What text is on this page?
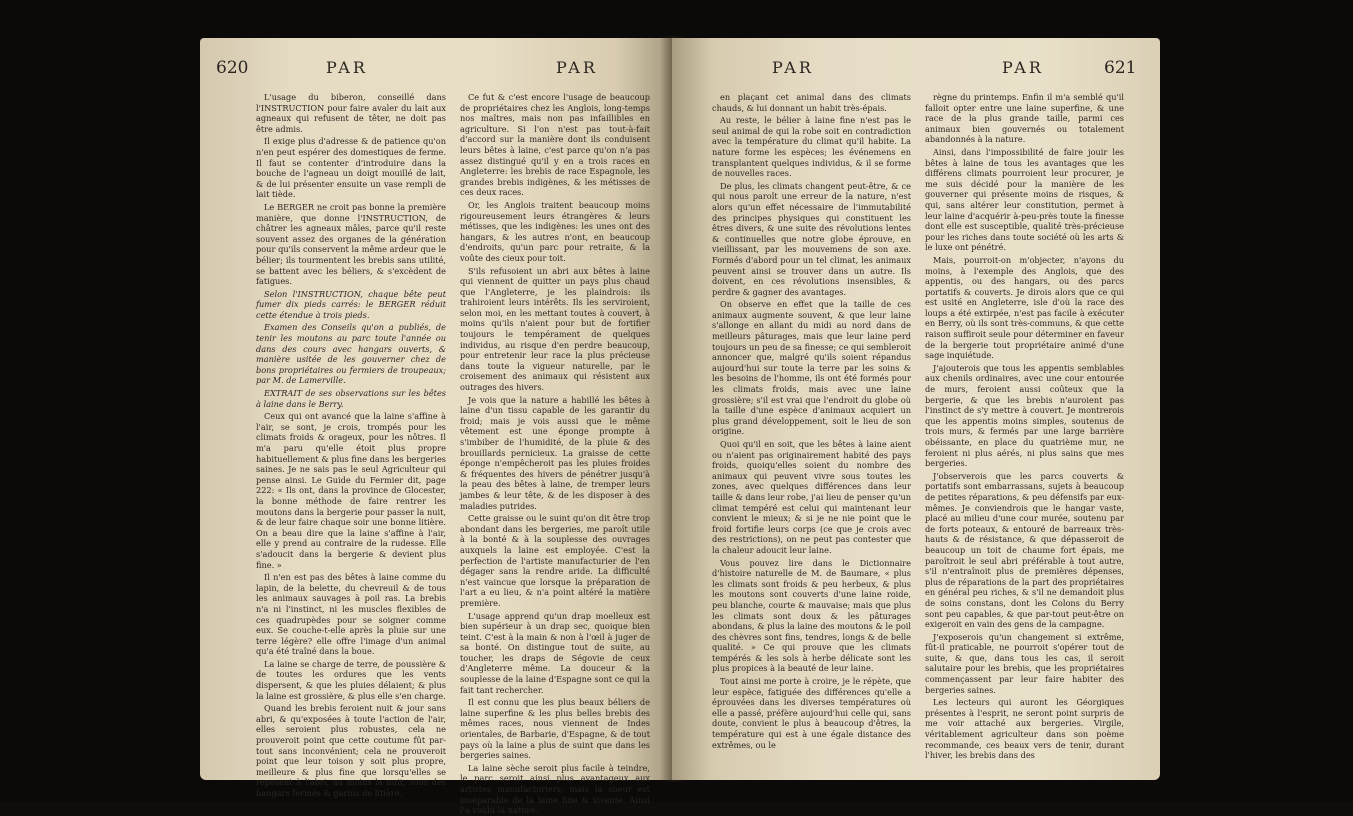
620	PAR	PAR

L'usage du biberon, conseillé dans l'INSTRUCTION pour faire avaler du lait aux agneaux qui refusent de têter, ne doit pas être admis.

Il exige plus d'adresse & de patience qu'on n'en peut espérer des domestiques de ferme. Il faut se contenter d'introduire dans la bouche de l'agneau un doigt mouillé de lait, & de lui présenter ensuite un vase rempli de lait tiède.

Le BERGER ne croit pas bonne la première manière, que donne l'INSTRUCTION, de châtrer les agneaux mâles, parce qu'il reste souvent assez des organes de la génération pour qu'ils conservent la même ardeur que le bélier; ils tourmentent les brebis sans utilité, se battent avec les béliers, & s'excèdent de fatigues.

Selon l'INSTRUCTION, chaque bête peut fumer dix pieds carrés: le BERGER réduit cette étendue à trois pieds.

Examen des Conseils qu'on a publiés, de tenir les moutons au parc toute l'année ou dans des cours avec hangars ouverts, & manière usitée de les gouverner chez de bons propriétaires ou fermiers de troupeaux; par M. de Lamerville.

EXTRAIT de ses observations sur les bêtes à laine dans le Berry.

Ceux qui ont avancé que la laine s'affine à l'air, se sont, je crois, trompés pour les climats froids & orageux, pour les nôtres. Il m'a paru qu'elle étoit plus propre habituellement & plus fine dans les bergeries saines. Je ne sais pas le seul Agriculteur qui pense ainsi. Le Guide du Fermier dit, page 222: « Ils ont, dans la province de Glocester, la bonne méthode de faire rentrer les moutons dans la bergerie pour passer la nuit, & de leur faire chaque soir une bonne litière. On a beau dire que la laine s'affine à l'air, elle y prend au contraire de la rudesse. Elle s'adoucit dans la bergerie & devient plus fine. »

Il n'en est pas des bêtes à laine comme du lapin, de la belette, du chevreuil & de tous les animaux sauvages à poil ras. La brebis n'a ni l'instinct, ni les muscles flexibles de ces quadrupèdes pour se soigner comme eux. Se couche-t-elle après la pluie sur une terre légère? elle offre l'image d'un animal qu'a été traîné dans la boue.

La laine se charge de terre, de poussière & de toutes les ordures que les vents dispersent, & que les pluies délaient; & plus la laine est grossière, & plus elle s'en charge.

Quand les brebis feroient nuit & jour sans abri, & qu'exposées à toute l'action de l'air, elles seroient plus robustes, cela ne prouveroit point que cette coutume fût par-tout sans inconvénient; cela ne prouveroit point que leur toison y soit plus propre, meilleure & plus fine que lorsqu'elles se reposent à l'abri, au moins la nuit, sous des hangars fermés & garnis de litière.

Ce fut & c'est encore l'usage de beaucoup de propriétaires chez les Anglois, long-temps nos maîtres, mais non pas infaillibles en agriculture. Si l'on n'est pas tout-à-fait d'accord sur la manière dont ils conduisent leurs bêtes à laine, c'est parce qu'on n'a pas assez distingué qu'il y en a trois races en Angleterre: les brebis de race Espagnole, les grandes brebis indigènes, & les métisses de ces deux races.

Or, les Anglois traitent beaucoup moins rigoureusement leurs étrangères & leurs métisses, que les indigènes: les unes ont des hangars, & les autres n'ont, en beaucoup d'endroits, qu'un parc pour retraite, & la voûte des cieux pour toit.

S'ils refusoient un abri aux bêtes à laine qui viennent de quitter un pays plus chaud que l'Angleterre, je les plaindrois: ils trahiroient leurs intérêts. Ils les serviroient, selon moi, en les mettant toutes à couvert, à moins qu'ils n'aient pour but de fortifier toujours le tempérament de quelques individus, au risque d'en perdre beaucoup, pour entretenir leur race la plus précieuse dans toute la vigueur naturelle, par le croisement des animaux qui résistent aux outrages des hivers.

Je vois que la nature a habillé les bêtes à laine d'un tissu capable de les garantir du froid; mais je vois aussi que le même vêtement est une éponge prompte à s'imbiber de l'humidité, de la pluie & des brouillards pernicieux. La graisse de cette éponge n'empêcheroit pas les pluies froides & fréquentes des hivers de pénétrer jusqu'à la peau des bêtes à laine, de tremper leurs jambes & leur tête, & de les disposer à des maladies putrides.

Cette graisse ou le suint qu'on dit être trop abondant dans les bergeries, me paroît utile à la bonté & à la souplesse des ouvrages auxquels la laine est employée. C'est la perfection de l'artiste manufacturier de l'en dégager sans la rendre aride. La difficulté n'est vaincue que lorsque la préparation de l'art a eu lieu, & n'a point altéré la matière première.

L'usage apprend qu'un drap moelleux est bien supérieur à un drap sec, quoique bien teint. C'est à la main & non à l'œil à juger de sa bonté. On distingue tout de suite, au toucher, les draps de Ségovie de ceux d'Angleterre même. La douceur & la souplesse de la laine d'Espagne sont ce qui la fait tant rechercher.

Il est connu que les plus beaux béliers de laine superfine & les plus belles brebis des mêmes races, nous viennent de Indes orientales, de Barbarie, d'Espagne, & de tout pays où la laine a plus de suint que dans les bergeries saines.

La laine sèche seroit plus facile à teindre, le parc seroit ainsi plus avantageux aux artistes manufacturiers; mais la sueur est inséparable de la laine fine & vivante. Ainsi l'a voulu la nature.

PAR	PAR	621

en plaçant cet animal dans des climats chauds, & lui donnant un habit très-épais.

Au reste, le bélier à laine fine n'est pas le seul animal de qui la robe soit en contradiction avec la température du climat qu'il habite. La nature forme les espèces; les événemens en transplantent quelques individus, & il se forme de nouvelles races.

De plus, les climats changent peut-être, & ce qui nous paroît une erreur de la nature, n'est alors qu'un effet nécessaire de l'immutabilité des principes physiques qui constituent les êtres divers, & une suite des révolutions lentes & continuelles que notre globe éprouve, en vieillissant, par les mouvemens de son axe. Formés d'abord pour un tel climat, les animaux peuvent ainsi se trouver dans un autre. Ils doivent, en ces révolutions insensibles, & perdre & gagner des avantages.

On observe en effet que la taille de ces animaux augmente souvent, & que leur laine s'allonge en allant du midi au nord dans de meilleurs pâturages, mais que leur laine perd toujours un peu de sa finesse; ce qui sembleroit annoncer que, malgré qu'ils soient répandus aujourd'hui sur toute la terre par les soins & les besoins de l'homme, ils ont été formés pour les climats froids, mais avec une laine grossière; s'il est vrai que l'endroit du globe où la taille d'une espèce d'animaux acquiert un plus grand développement, soit le lieu de son origine.

Quoi qu'il en soit, que les bêtes à laine aient ou n'aient pas originairement habité des pays froids, quoiqu'elles soient du nombre des animaux qui peuvent vivre sous toutes les zones, avec quelques différences dans leur taille & dans leur robe, j'ai lieu de penser qu'un climat tempéré est celui qui maintenant leur convient le mieux; & si je ne nie point que le froid fortifie leurs corps (ce que je crois avec des restrictions), on ne peut pas contester que la chaleur adoucit leur laine.

Vous pouvez lire dans le Dictionnaire d'histoire naturelle de M. de Baumare, « plus les climats sont froids & peu herbeux, & plus les moutons sont couverts d'une laine roide, peu blanche, courte & mauvaise; mais que plus les climats sont doux & les pâturages abondans, & plus la laine des moutons & le poil des chèvres sont fins, tendres, longs & de belle qualité. » Ce qui prouve que les climats tempérés & les sols à herbe délicate sont les plus propices à la beauté de leur laine.

Tout ainsi me porte à croire, je le répète, que leur espèce, fatiguée des différences qu'elle a éprouvées dans les diverses températures où elle a passé, préfère aujourd'hui celle qui, sans doute, convient le plus à beaucoup d'êtres, la température qui est à une égale distance des extrêmes, ou le

règne du printemps. Enfin il m'a semblé qu'il falloit opter entre une laine superfine, & une race de la plus grande taille, parmi ces animaux bien gouvernés ou totalement abandonnés à la nature.

Ainsi, dans l'impossibilité de faire jouir les bêtes à laine de tous les avantages que les différens climats pourroient leur procurer, je me suis décidé pour la manière de les gouverner qui présente moins de risques, & qui, sans altérer leur constitution, permet à leur laine d'acquérir à-peu-près toute la finesse dont elle est susceptible, qualité très-précieuse pour les riches dans toute société où les arts & le luxe ont pénétré.

Mais, pourroit-on m'objecter, n'ayons du moins, à l'exemple des Anglois, que des appentis, ou des hangars, ou des parcs portatifs & couverts. Je dirois alors que ce qui est usité en Angleterre, isle d'où la race des loups a été extirpée, n'est pas facile à exécuter en Berry, où ils sont très-communs, & que cette raison suffiroit seule pour déterminer en faveur de la bergerie tout propriétaire animé d'une sage inquiétude.

J'ajouterois que tous les appentis semblables aux chenils ordinaires, avec une cour entourée de murs, feroient aussi coûteux que la bergerie, & que les brebis n'auroient pas l'instinct de s'y mettre à couvert. Je montrerois que les appentis moins simples, soutenus de trois murs, & fermés par une large barrière obéissante, en place du quatrième mur, ne feroient ni plus aérés, ni plus sains que mes bergeries.

J'observerois que les parcs couverts & portatifs sont embarrassans, sujets à beaucoup de petites réparations, & peu défensifs par eux-mêmes. Je conviendrois que le hangar vaste, placé au milieu d'une cour murée, soutenu par de forts poteaux, & entouré de barreaux très-hauts & de résistance, & que dépasseroit de beaucoup un toit de chaume fort épais, me paroîtroit le seul abri préférable à tout autre, s'il n'entraînoit plus de premières dépenses, plus de réparations de la part des propriétaires en général peu riches, & s'il ne demandoit plus de soins constans, dont les Colons du Berry sont peu capables, & que par-tout peut-être on exigeroit en vain des gens de la campagne.

J'exposerois qu'un changement si extrême, fût-il praticable, ne pourroit s'opérer tout de suite, & que, dans tous les cas, il seroit salutaire pour les brebis, que les propriétaires commençassent par leur faire habiter des bergeries saines.

Les lecteurs qui auront les Géorgiques présentes à l'esprit, ne seront point surpris de me voir attaché aux bergeries. Virgile, véritablement agriculteur dans son poème recommande, ces beaux vers de tenir, durant l'hiver, les brebis dans des
